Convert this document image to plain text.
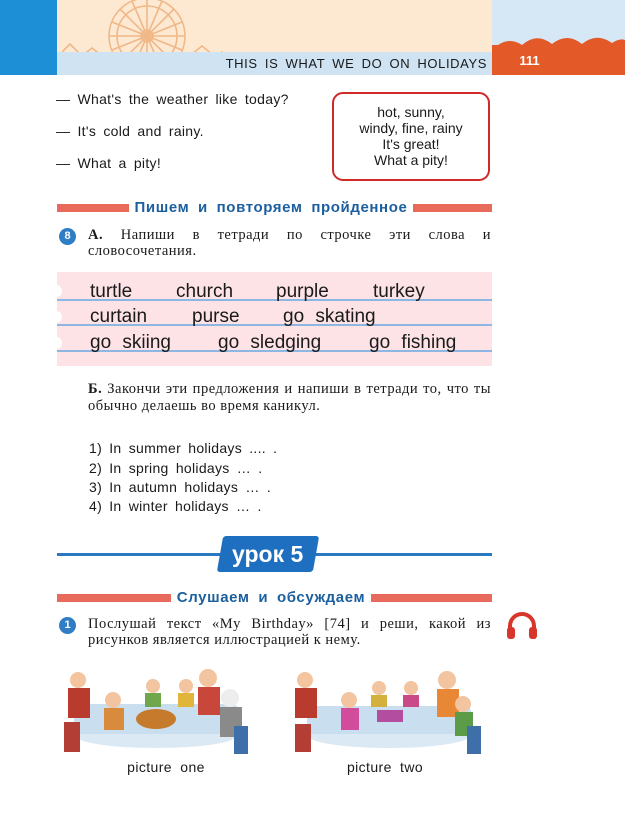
THIS IS WHAT WE DO ON HOLIDAYS	111
— What's the weather like today?
— It's cold and rainy.
— What a pity!
hot, sunny,
windy, fine, rainy
It's great!
What a pity!
Пишем и повторяем пройденное
8	А. Напиши в тетради по строчке эти слова и словосочетания.
turtle church purple turkey
curtain purse go skating
go skiing go sledging	go fishing
Б. Закончи эти предложения и напиши в тетради то, что ты обычно делаешь во время каникул.
1) In summer holidays .... .
2) In spring holidays … .
3) In autumn holidays … .
4) In winter holidays … .
урок 5
Слушаем и обсуждаем
1	Послушай текст «My Birthday» [74] и реши, какой из рисунков является иллюстрацией к нему.
picture one	picture two
